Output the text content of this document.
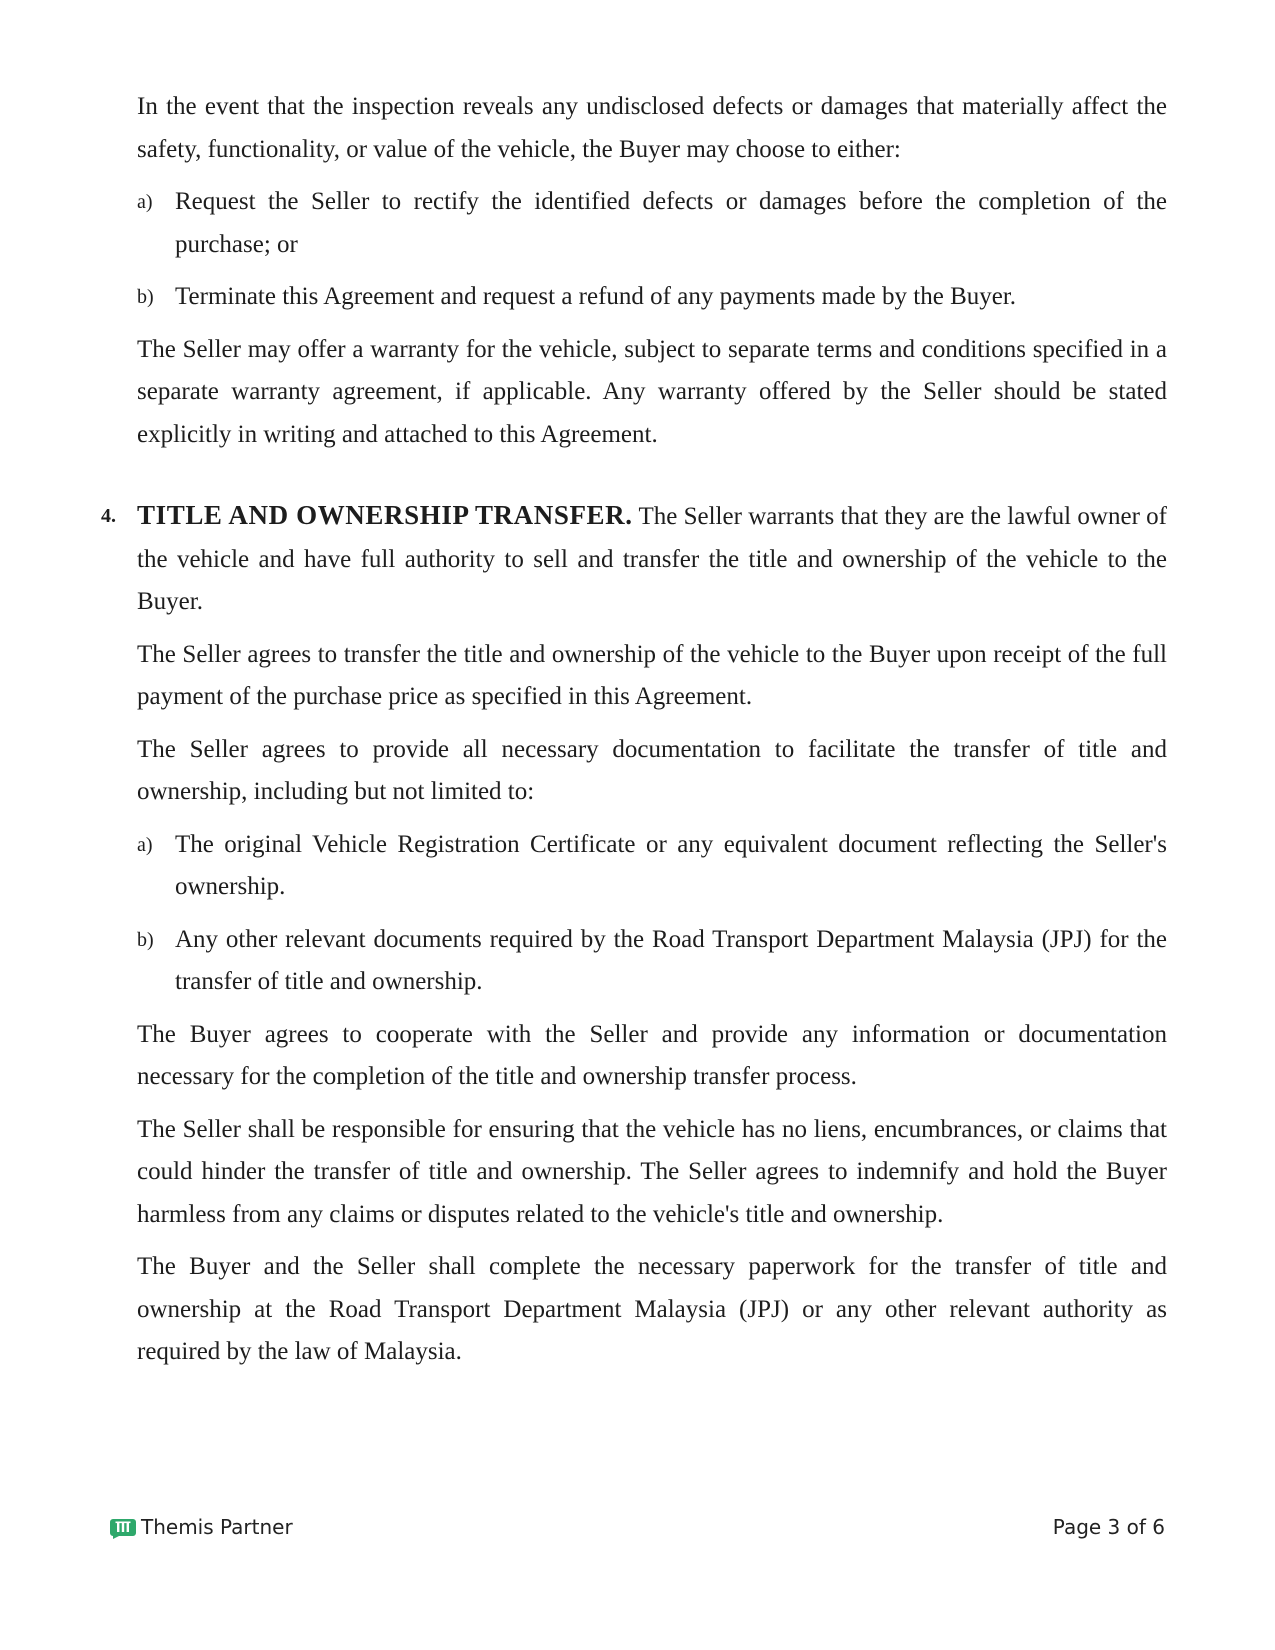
In the event that the inspection reveals any undisclosed defects or damages that materially affect the safety, functionality, or value of the vehicle, the Buyer may choose to either:

a) Request the Seller to rectify the identified defects or damages before the completion of the purchase; or
b) Terminate this Agreement and request a refund of any payments made by the Buyer.

The Seller may offer a warranty for the vehicle, subject to separate terms and conditions specified in a separate warranty agreement, if applicable. Any warranty offered by the Seller should be stated explicitly in writing and attached to this Agreement.

4. TITLE AND OWNERSHIP TRANSFER. The Seller warrants that they are the lawful owner of the vehicle and have full authority to sell and transfer the title and ownership of the vehicle to the Buyer.

The Seller agrees to transfer the title and ownership of the vehicle to the Buyer upon receipt of the full payment of the purchase price as specified in this Agreement.

The Seller agrees to provide all necessary documentation to facilitate the transfer of title and ownership, including but not limited to:

a) The original Vehicle Registration Certificate or any equivalent document reflecting the Seller's ownership.
b) Any other relevant documents required by the Road Transport Department Malaysia (JPJ) for the transfer of title and ownership.

The Buyer agrees to cooperate with the Seller and provide any information or documentation necessary for the completion of the title and ownership transfer process.

The Seller shall be responsible for ensuring that the vehicle has no liens, encumbrances, or claims that could hinder the transfer of title and ownership. The Seller agrees to indemnify and hold the Buyer harmless from any claims or disputes related to the vehicle's title and ownership.

The Buyer and the Seller shall complete the necessary paperwork for the transfer of title and ownership at the Road Transport Department Malaysia (JPJ) or any other relevant authority as required by the law of Malaysia.

Themis Partner	Page 3 of 6
